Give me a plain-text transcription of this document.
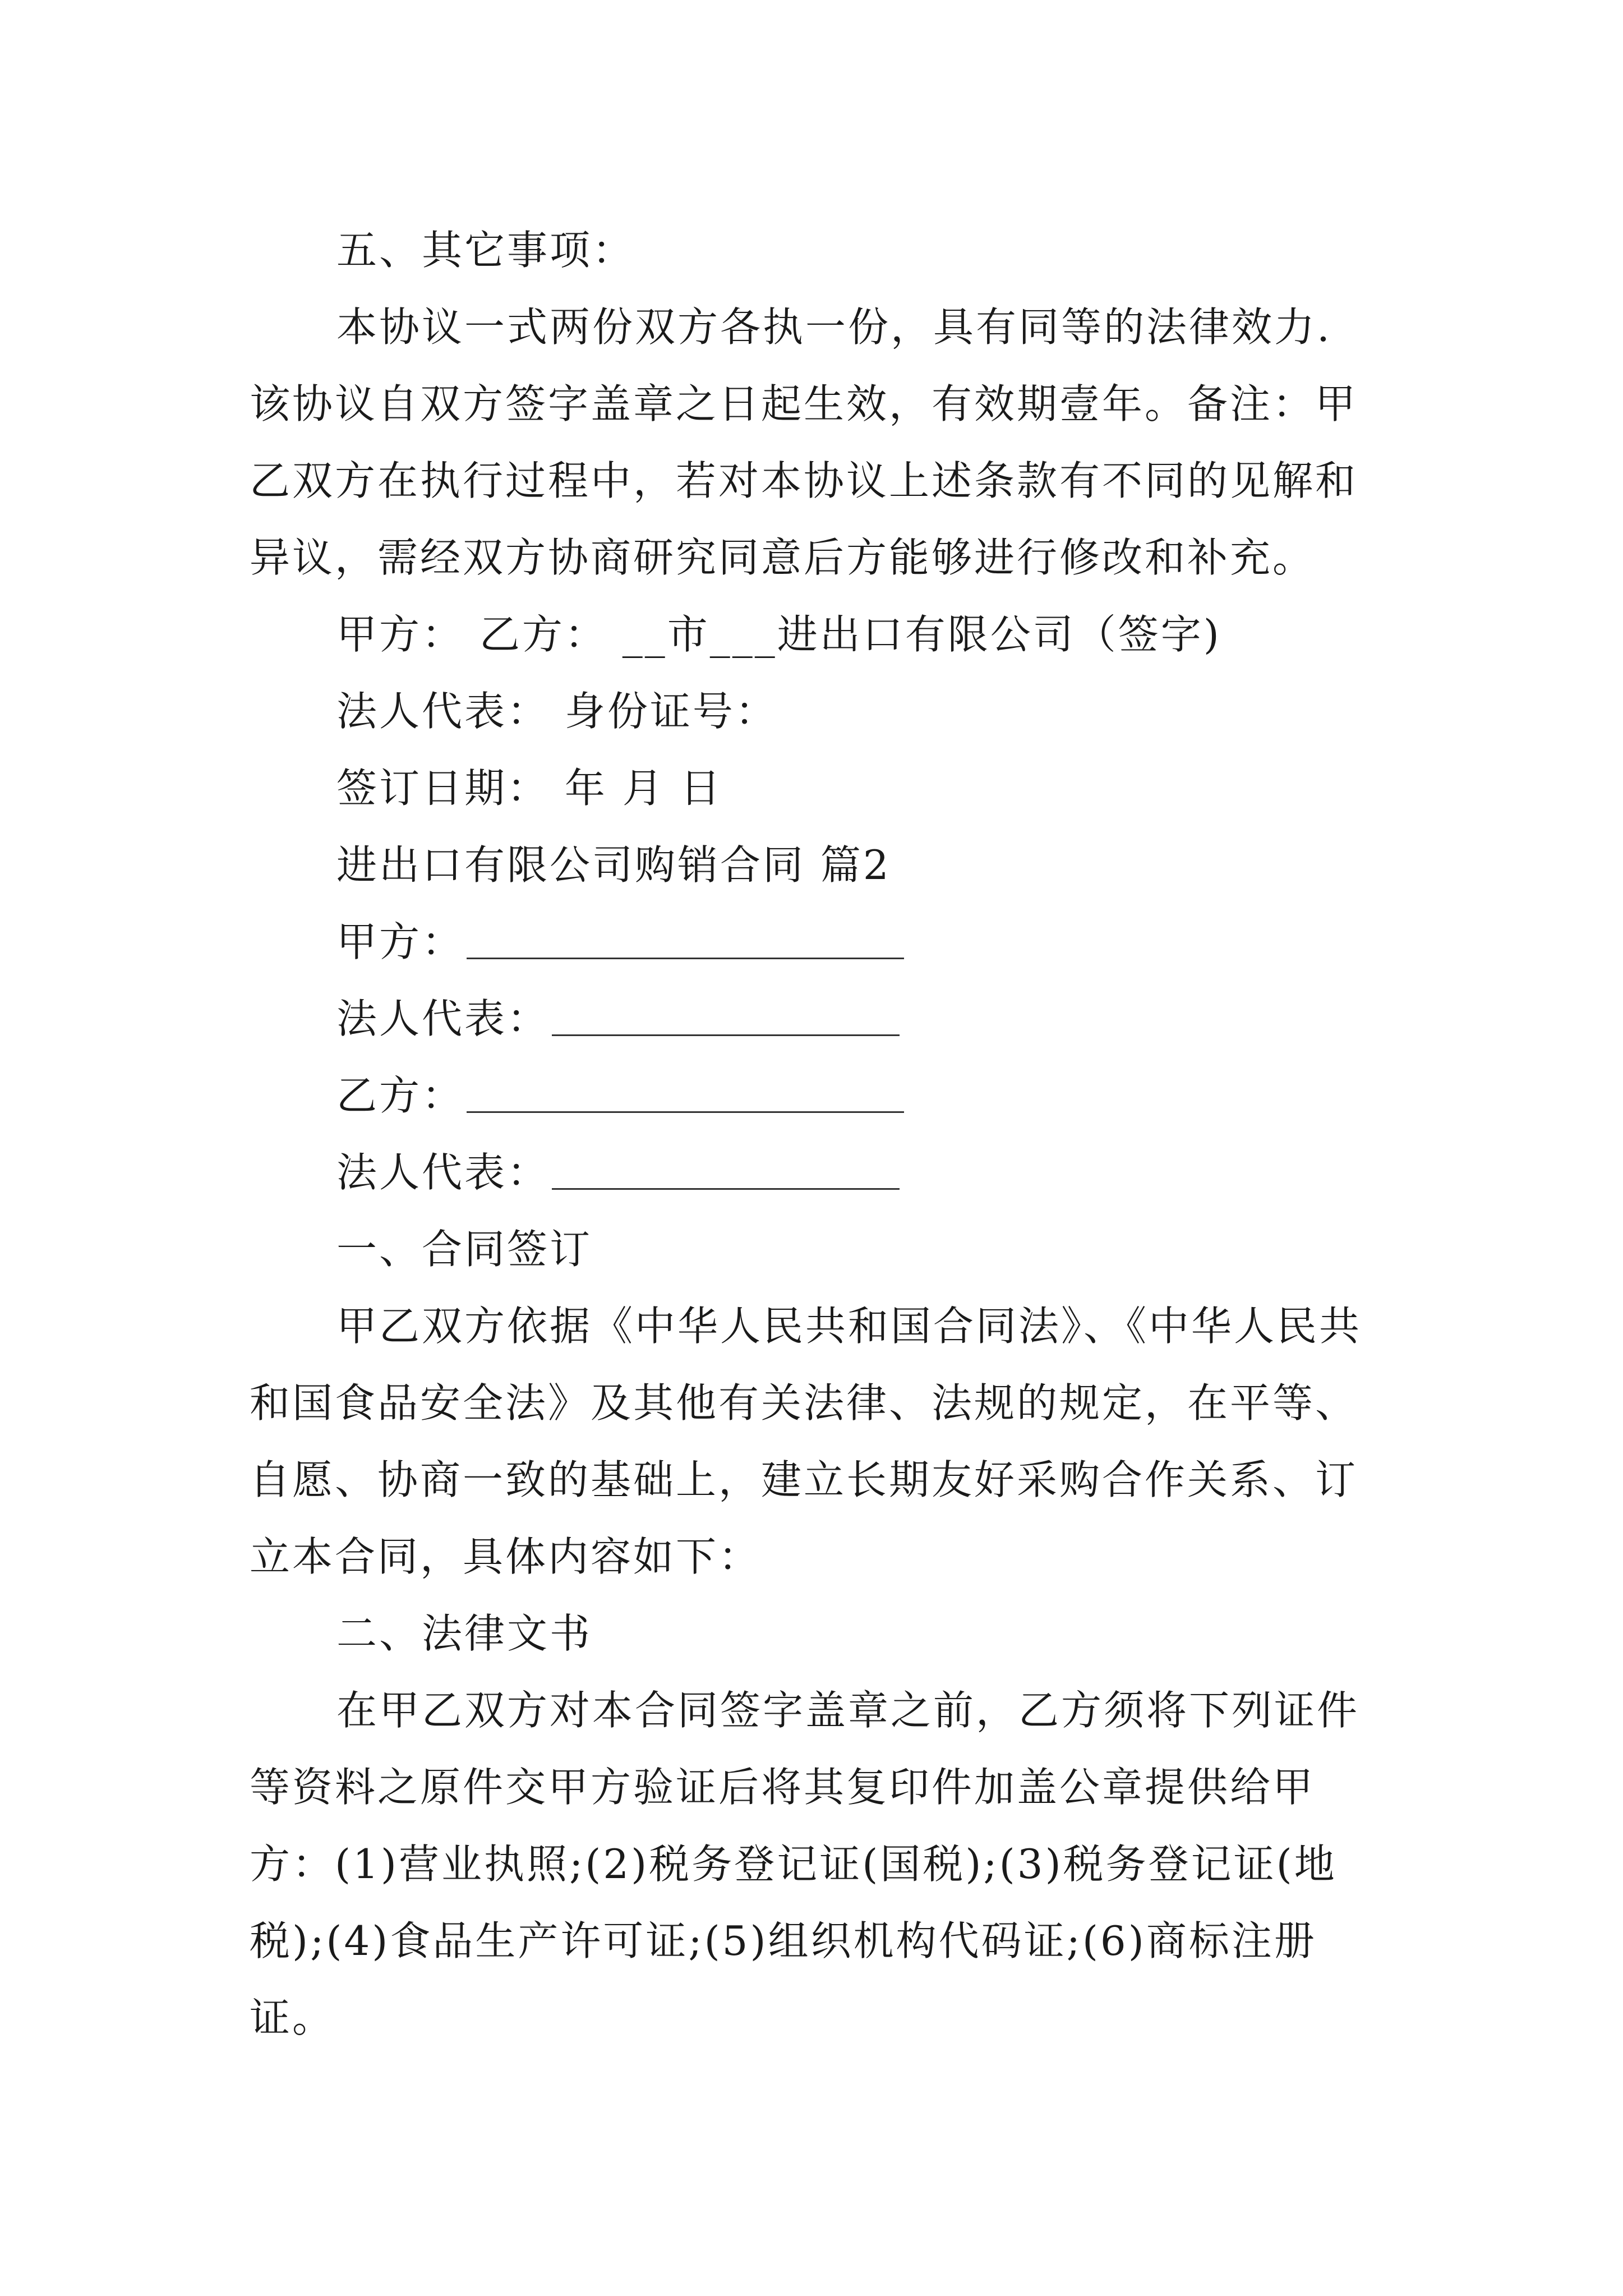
五、其它事项：

本协议一式两份双方各执一份，具有同等的法律效力.

该协议自双方签字盖章之日起生效，有效期壹年。备注：甲

乙双方在执行过程中，若对本协议上述条款有不同的见解和

异议，需经双方协商研究同意后方能够进行修改和补充。

甲方： 乙方： __市___进出口有限公司（签字)

法人代表： 身份证号：

签订日期： 年 月 日

进出口有限公司购销合同 篇2

甲方：

法人代表：

乙方：

法人代表：

一、合同签订

甲乙双方依据《中华人民共和国合同法》、《中华人民共

和国食品安全法》及其他有关法律、法规的规定，在平等、

自愿、协商一致的基础上，建立长期友好采购合作关系、订

立本合同，具体内容如下：

二、法律文书

在甲乙双方对本合同签字盖章之前，乙方须将下列证件

等资料之原件交甲方验证后将其复印件加盖公章提供给甲

方：(1)营业执照;(2)税务登记证(国税);(3)税务登记证(地

税);(4)食品生产许可证;(5)组织机构代码证;(6)商标注册

证。
